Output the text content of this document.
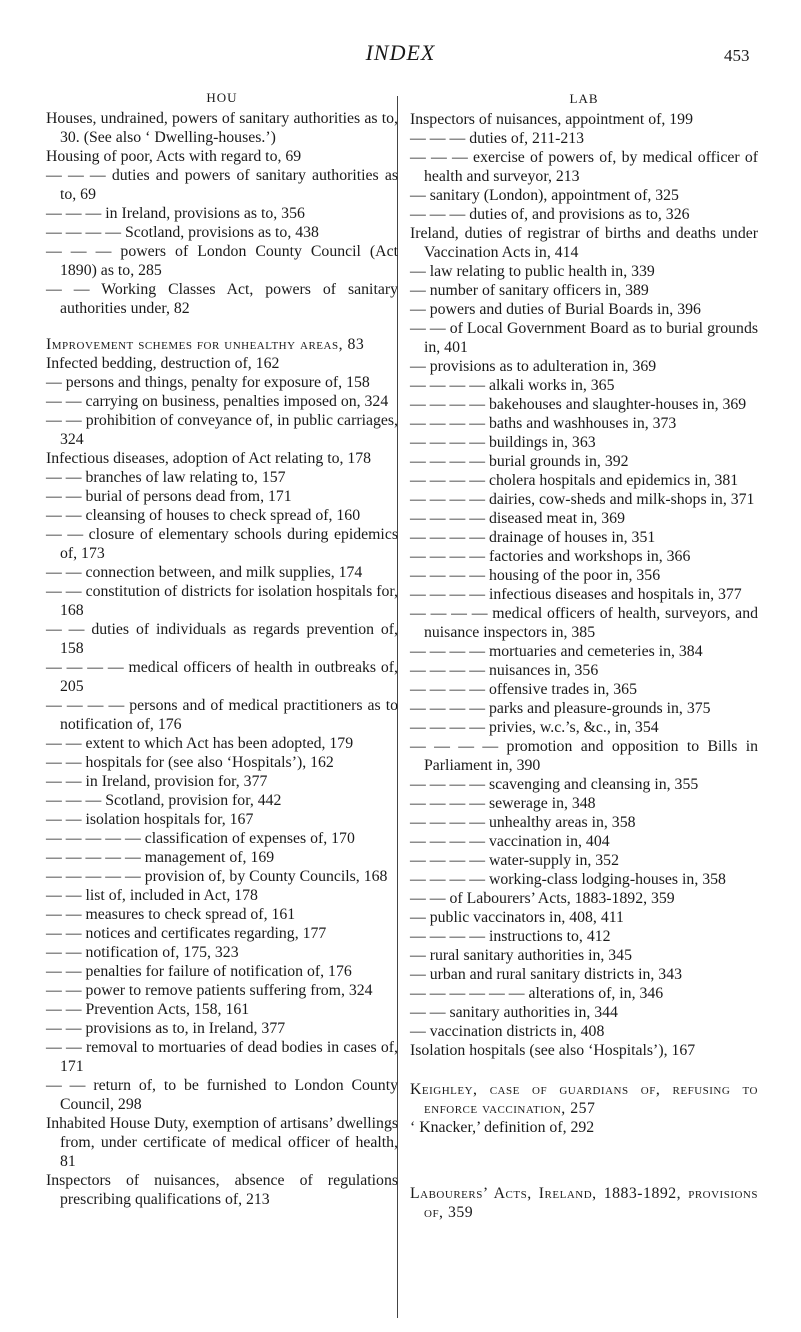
INDEX	453
HOU
Houses, undrained, powers of sanitary authorities as to, 30. (See also ‘ Dwelling-houses.’)
Housing of poor, Acts with regard to, 69
— — — duties and powers of sanitary authorities as to, 69
— — — in Ireland, provisions as to, 356
— — — — Scotland, provisions as to, 438
— — — powers of London County Council (Act 1890) as to, 285
— — Working Classes Act, powers of sanitary authorities under, 82
Improvement schemes for unhealthy areas, 83
Infected bedding, destruction of, 162
— persons and things, penalty for exposure of, 158
— — carrying on business, penalties imposed on, 324
— — prohibition of conveyance of, in public carriages, 324
Infectious diseases, adoption of Act relating to, 178
— — branches of law relating to, 157
— — burial of persons dead from, 171
— — cleansing of houses to check spread of, 160
— — closure of elementary schools during epidemics of, 173
— — connection between, and milk supplies, 174
— — constitution of districts for isolation hospitals for, 168
— — duties of individuals as regards prevention of, 158
— — — — medical officers of health in outbreaks of, 205
— — — — persons and of medical practitioners as to notification of, 176
— — extent to which Act has been adopted, 179
— — hospitals for (see also ‘Hospitals’), 162
— — in Ireland, provision for, 377
— — — Scotland, provision for, 442
— — isolation hospitals for, 167
— — — — — classification of expenses of, 170
— — — — — management of, 169
— — — — — provision of, by County Councils, 168
— — list of, included in Act, 178
— — measures to check spread of, 161
— — notices and certificates regarding, 177
— — notification of, 175, 323
— — penalties for failure of notification of, 176
— — power to remove patients suffering from, 324
— — Prevention Acts, 158, 161
— — provisions as to, in Ireland, 377
— — removal to mortuaries of dead bodies in cases of, 171
— — return of, to be furnished to London County Council, 298
Inhabited House Duty, exemption of artisans’ dwellings from, under certificate of medical officer of health, 81
Inspectors of nuisances, absence of regulations prescribing qualifications of, 213
LAB
Inspectors of nuisances, appointment of, 199
— — — duties of, 211-213
— — — exercise of powers of, by medical officer of health and surveyor, 213
— sanitary (London), appointment of, 325
— — — duties of, and provisions as to, 326
Ireland, duties of registrar of births and deaths under Vaccination Acts in, 414
— law relating to public health in, 339
— number of sanitary officers in, 389
— powers and duties of Burial Boards in, 396
— — of Local Government Board as to burial grounds in, 401
— provisions as to adulteration in, 369
— — — — alkali works in, 365
— — — — bakehouses and slaughter-houses in, 369
— — — — baths and washhouses in, 373
— — — — buildings in, 363
— — — — burial grounds in, 392
— — — — cholera hospitals and epidemics in, 381
— — — — dairies, cow-sheds and milk-shops in, 371
— — — — diseased meat in, 369
— — — — drainage of houses in, 351
— — — — factories and workshops in, 366
— — — — housing of the poor in, 356
— — — — infectious diseases and hospitals in, 377
— — — — medical officers of health, surveyors, and nuisance inspectors in, 385
— — — — mortuaries and cemeteries in, 384
— — — — nuisances in, 356
— — — — offensive trades in, 365
— — — — parks and pleasure-grounds in, 375
— — — — privies, w.c.’s, &c., in, 354
— — — — promotion and opposition to Bills in Parliament in, 390
— — — — scavenging and cleansing in, 355
— — — — sewerage in, 348
— — — — unhealthy areas in, 358
— — — — vaccination in, 404
— — — — water-supply in, 352
— — — — working-class lodging-houses in, 358
— — of Labourers’ Acts, 1883-1892, 359
— public vaccinators in, 408, 411
— — — — instructions to, 412
— rural sanitary authorities in, 345
— urban and rural sanitary districts in, 343
— — — — — — alterations of, in, 346
— — sanitary authorities in, 344
— vaccination districts in, 408
Isolation hospitals (see also ‘Hospitals’), 167
Keighley, case of guardians of, refusing to enforce vaccination, 257
‘ Knacker,’ definition of, 292
Labourers’ Acts, Ireland, 1883-1892, provisions of, 359
